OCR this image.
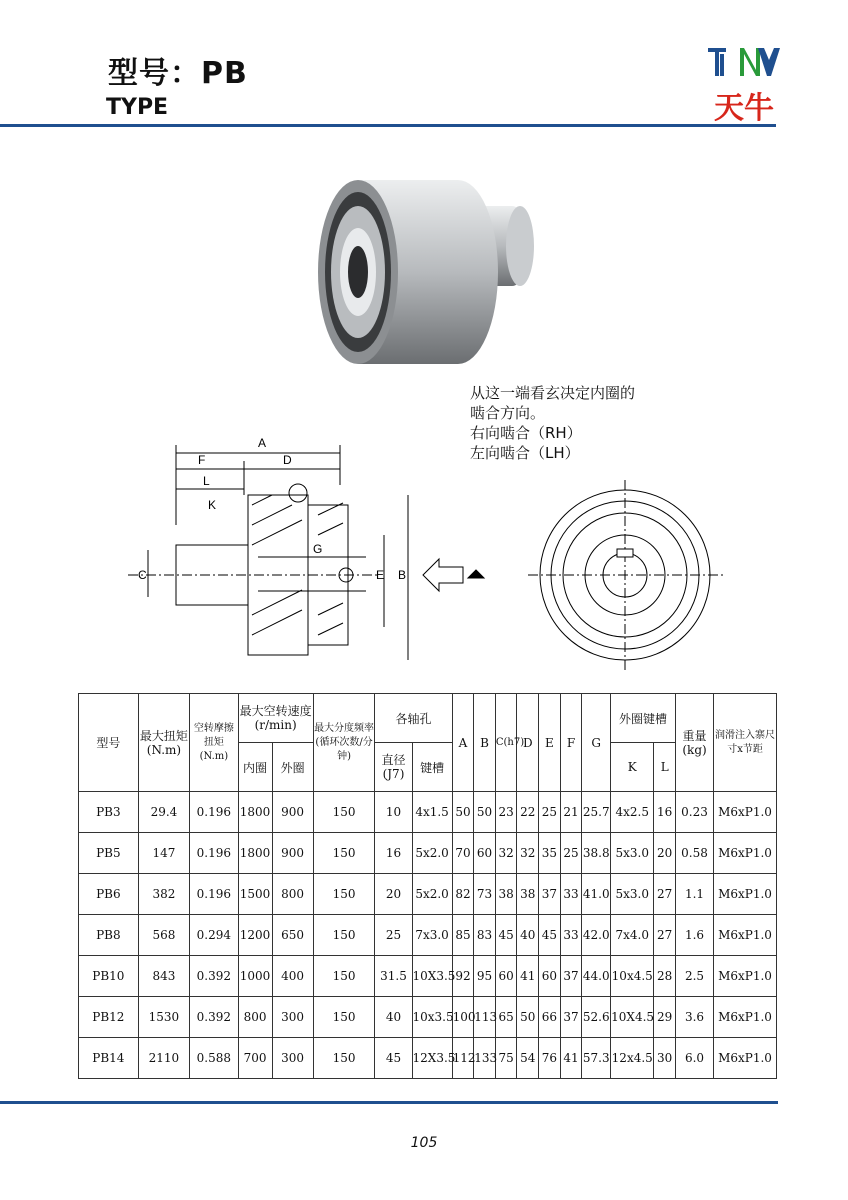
型号：PB
TYPE	天牛
A
F	D
L
K
G
C	E B
从这一端看玄决定内圈的
啮合方向。
右向啮合（RH）
左向啮合（LH）
型号	最大扭矩(N.m)	空转摩擦扭矩(N.m)	最大空转速度(r/min)		最大分度频率(循环次数/分钟)	各轴孔		A	B	C(h7)	D	E	F	G	外圈键槽		重量(kg)	润滑注入寨尺寸x节距
			内圈	外圈		直径(J7)	键槽								K	L		
PB3	29.4	0.196	1800	900	150	10	4x1.5	50	50	23	22	25	21	25.7	4x2.5	16	0.23	M6xP1.0
PB5	147	0.196	1800	900	150	16	5x2.0	70	60	32	32	35	25	38.8	5x3.0	20	0.58	M6xP1.0
PB6	382	0.196	1500	800	150	20	5x2.0	82	73	38	38	37	33	41.0	5x3.0	27	1.1	M6xP1.0
PB8	568	0.294	1200	650	150	25	7x3.0	85	83	45	40	45	33	42.0	7x4.0	27	1.6	M6xP1.0
PB10	843	0.392	1000	400	150	31.5	10X3.5	92	95	60	41	60	37	44.0	10x4.5	28	2.5	M6xP1.0
PB12	1530	0.392	800	300	150	40	10x3.5	100	113	65	50	66	37	52.6	10X4.5	29	3.6	M6xP1.0
PB14	2110	0.588	700	300	150	45	12X3.5	112	133	75	54	76	41	57.3	12x4.5	30	6.0	M6xP1.0
105
